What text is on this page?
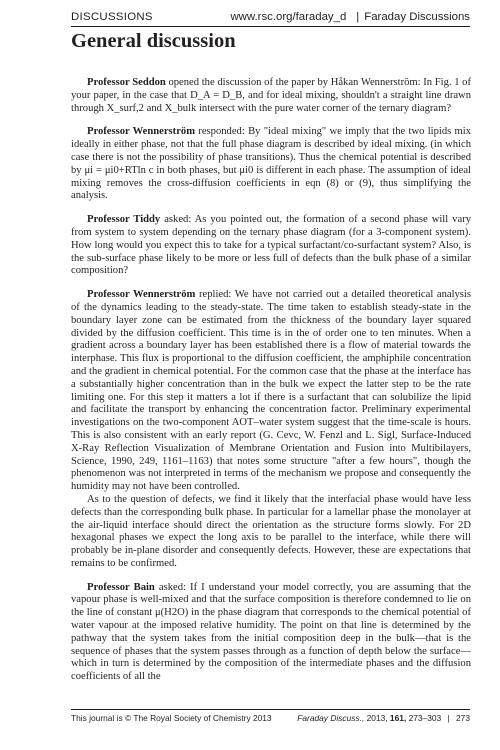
DISCUSSIONS	www.rsc.org/faraday_d | Faraday Discussions
General discussion

Professor Seddon opened the discussion of the paper by Håkan Wennerström: In Fig. 1 of your paper, in the case that D_A = D_B, and for ideal mixing, shouldn't a straight line drawn through X_surf,2 and X_bulk intersect with the pure water corner of the ternary diagram?

Professor Wennerström responded: By "ideal mixing" we imply that the two lipids mix ideally in either phase, not that the full phase diagram is described by ideal mixing. (in which case there is not the possibility of phase transitions). Thus the chemical potential is described by μi = μi0+RTln c in both phases, but μi0 is different in each phase. The assumption of ideal mixing removes the cross-diffusion coefficients in eqn (8) or (9), thus simplifying the analysis.

Professor Tiddy asked: As you pointed out, the formation of a second phase will vary from system to system depending on the ternary phase diagram (for a 3-component system). How long would you expect this to take for a typical surfactant/co-surfactant system? Also, is the sub-surface phase likely to be more or less full of defects than the bulk phase of a similar composition?

Professor Wennerström replied: We have not carried out a detailed theoretical analysis of the dynamics leading to the steady-state. The time taken to establish steady-state in the boundary layer zone can be estimated from the thickness of the boundary layer squared divided by the diffusion coefficient. This time is in the of order one to ten minutes. When a gradient across a boundary layer has been established there is a flow of material towards the interphase. This flux is proportional to the diffusion coefficient, the amphiphile concentration and the gradient in chemical potential. For the common case that the phase at the interface has a substantially higher concentration than in the bulk we expect the latter step to be the rate limiting one. For this step it matters a lot if there is a surfactant that can solubilize the lipid and facilitate the transport by enhancing the concentration factor. Preliminary experimental investigations on the two-component AOT–water system suggest that the time-scale is hours. This is also consistent with an early report (G. Cevc, W. Fenzl and L. Sigl, Surface-Induced X-Ray Reflection Visualization of Membrane Orientation and Fusion into Multibilayers, Science, 1990, 249, 1161–1163) that notes some structure "after a few hours", though the phenomenon was not interpreted in terms of the mechanism we propose and consequently the humidity may not have been controlled.

As to the question of defects, we find it likely that the interfacial phase would have less defects than the corresponding bulk phase. In particular for a lamellar phase the monolayer at the air-liquid interface should direct the orientation as the structure forms slowly. For 2D hexagonal phases we expect the long axis to be parallel to the interface, while there will probably be in-plane disorder and consequently defects. However, these are expectations that remains to be confirmed.

Professor Bain asked: If I understand your model correctly, you are assuming that the vapour phase is well-mixed and that the surface composition is therefore condemned to lie on the line of constant μ(H2O) in the phase diagram that corresponds to the chemical potential of water vapour at the imposed relative humidity. The point on that line is determined by the pathway that the system takes from the initial composition deep in the bulk—that is the sequence of phases that the system passes through as a function of depth below the surface—which in turn is determined by the composition of the intermediate phases and the diffusion coefficients of all the

This journal is © The Royal Society of Chemistry 2013	Faraday Discuss., 2013, 161, 273–303 | 273
